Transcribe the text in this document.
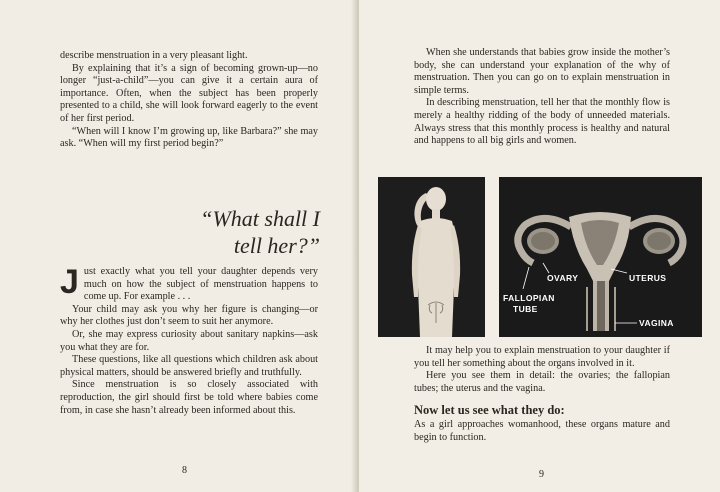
describe menstruation in a very pleasant light.

By explaining that it’s a sign of becoming grown-up—no longer “just-a-child”—you can give it a certain aura of importance. Often, when the subject has been properly presented to a child, she will look forward eagerly to the event of her first period.

“When will I know I’m growing up, like Barbara?” she may ask. “When will my first period begin?”

“What shall I
tell her?”

Just exactly what you tell your daughter depends very much on how the subject of menstruation happens to come up. For example . . .

Your child may ask you why her figure is changing—or why her clothes just don’t seem to suit her anymore.

Or, she may express curiosity about sanitary napkins—ask you what they are for.

These questions, like all questions which children ask about physical matters, should be answered briefly and truthfully.

Since menstruation is so closely associated with reproduction, the girl should first be told where babies come from, in case she hasn’t already been informed about this.

8	9

When she understands that babies grow inside the mother’s body, she can understand your explanation of the why of menstruation. Then you can go on to explain menstruation in simple terms.

In describing menstruation, tell her that the monthly flow is merely a healthy ridding of the body of unneeded materials. Always stress that this monthly process is healthy and natural and happens to all big girls and women.

OVARY	UTERUS
FALLOPIAN
TUBE
VAGINA

It may help you to explain menstruation to your daughter if you tell her something about the organs involved in it.

Here you see them in detail: the ovaries; the fallopian tubes; the uterus and the vagina.

Now let us see what they do:

As a girl approaches womanhood, these organs mature and begin to function.
